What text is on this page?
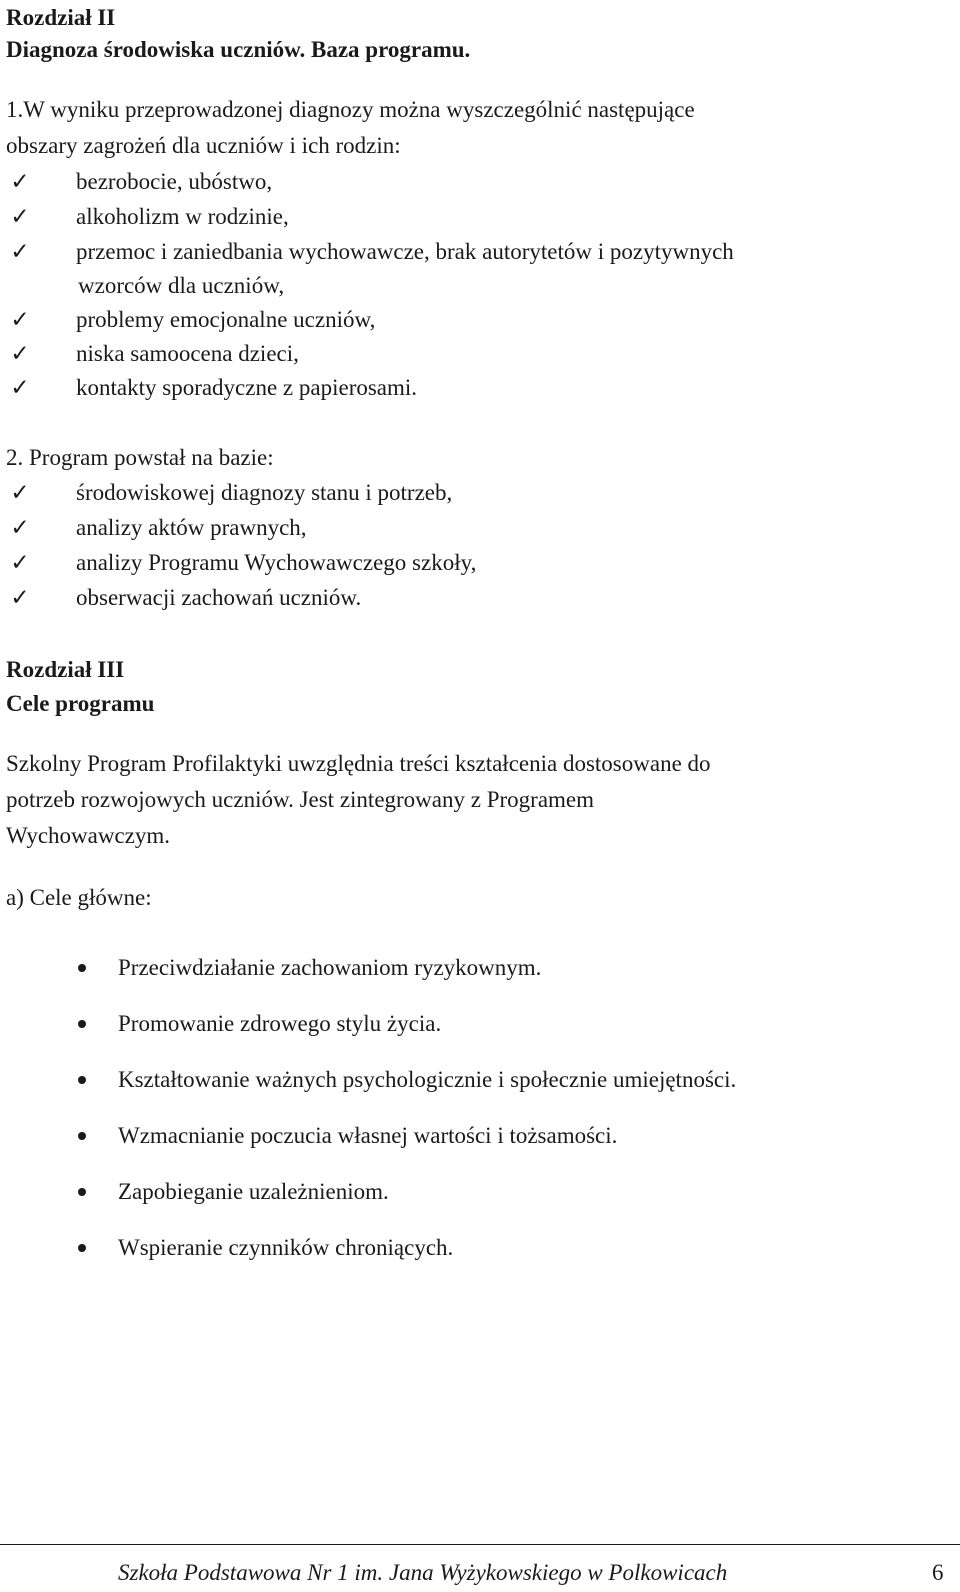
Rozdział II
Diagnoza środowiska uczniów. Baza programu.
1.W wyniku przeprowadzonej diagnozy można wyszczególnić następujące
obszary zagrożeń dla uczniów i ich rodzin:
✓ bezrobocie, ubóstwo,
✓ alkoholizm w rodzinie,
✓ przemoc i zaniedbania wychowawcze, brak autorytetów i pozytywnych
wzorców dla uczniów,
✓ problemy emocjonalne uczniów,
✓ niska samoocena dzieci,
✓ kontakty sporadyczne z papierosami.
2. Program powstał na bazie:
✓ środowiskowej diagnozy stanu i potrzeb,
✓ analizy aktów prawnych,
✓ analizy Programu Wychowawczego szkoły,
✓ obserwacji zachowań uczniów.
Rozdział III
Cele programu
Szkolny Program Profilaktyki uwzględnia treści kształcenia dostosowane do
potrzeb rozwojowych uczniów. Jest zintegrowany z Programem
Wychowawczym.
a) Cele główne:
Przeciwdziałanie zachowaniom ryzykownym.
Promowanie zdrowego stylu życia.
Kształtowanie ważnych psychologicznie i społecznie umiejętności.
Wzmacnianie poczucia własnej wartości i tożsamości.
Zapobieganie uzależnieniom.
Wspieranie czynników chroniących.
Szkoła Podstawowa Nr 1 im. Jana Wyżykowskiego w Polkowicach	6
